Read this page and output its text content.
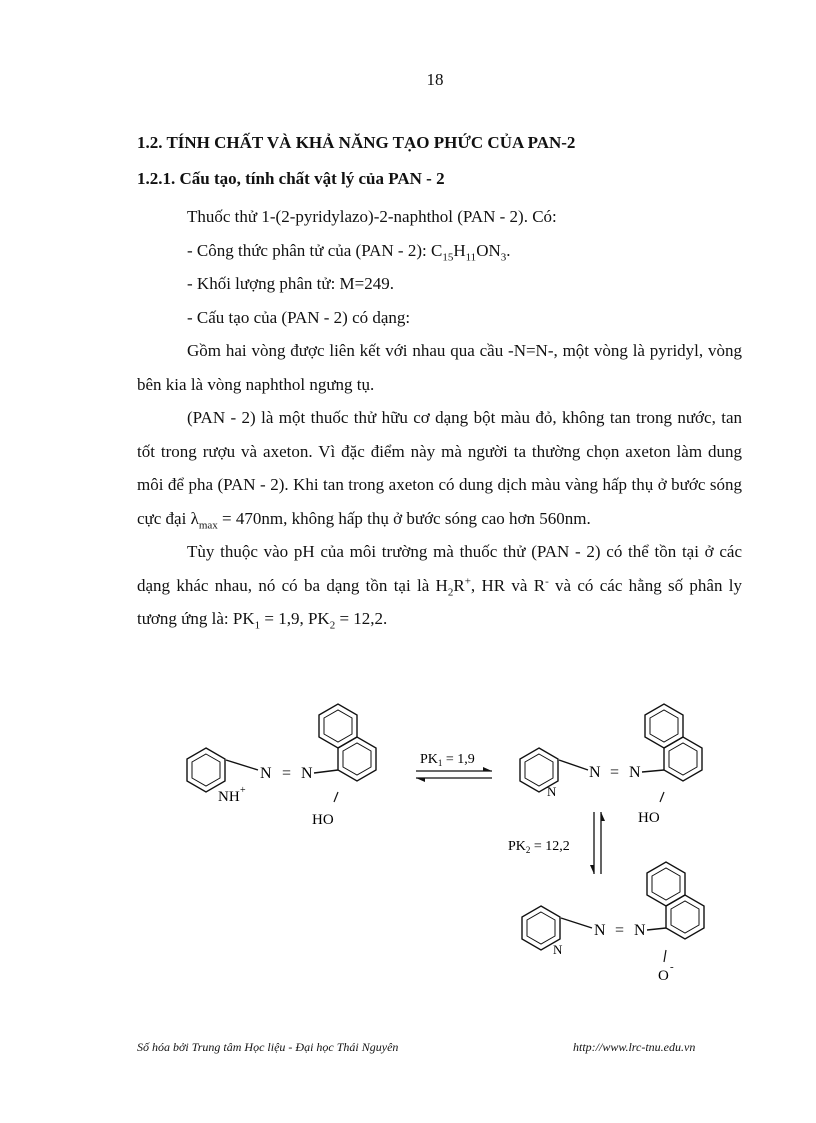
18
1.2. TÍNH CHẤT VÀ KHẢ NĂNG TẠO PHỨC CỦA PAN-2
1.2.1. Cấu tạo, tính chất vật lý của PAN - 2

Thuốc thử 1-(2-pyridylazo)-2-naphthol (PAN - 2). Có:

- Công thức phân tử của (PAN - 2): $C_{15}H_{11}ON_3$.

- Khối lượng phân tử: M=249.

- Cấu tạo của (PAN - 2) có dạng:

Gồm hai vòng được liên kết với nhau qua cầu -N=N-, một vòng là pyridyl, vòng bên kia là vòng naphthol ngưng tụ.

(PAN - 2) là một thuốc thử hữu cơ dạng bột màu đỏ, không tan trong nước, tan tốt trong rượu và axeton. Vì đặc điểm này mà người ta thường chọn axeton làm dung môi để pha (PAN - 2). Khi tan trong axeton có dung dịch màu vàng hấp thụ ở bước sóng cực đại $\lambda_{max} = 470nm$, không hấp thụ ở bước sóng cao hơn 560nm.

Tùy thuộc vào pH của môi trường mà thuốc thử (PAN - 2) có thể tồn tại ở các dạng khác nhau, nó có ba dạng tồn tại là $H_2R^+$, HR và R- và có các hằng số phân ly tương ứng là: $PK_1 = 1,9$, $PK_2 = 12,2$.

N = N
NH +
HO
$PK_1 = 1,9$
N = N
N
HO
$PK_2 = 12,2$
N = N
N
O
-
Số hóa bởi Trung tâm Học liệu - Đại học Thái Nguyên	http://www.lrc-tnu.edu.vn
